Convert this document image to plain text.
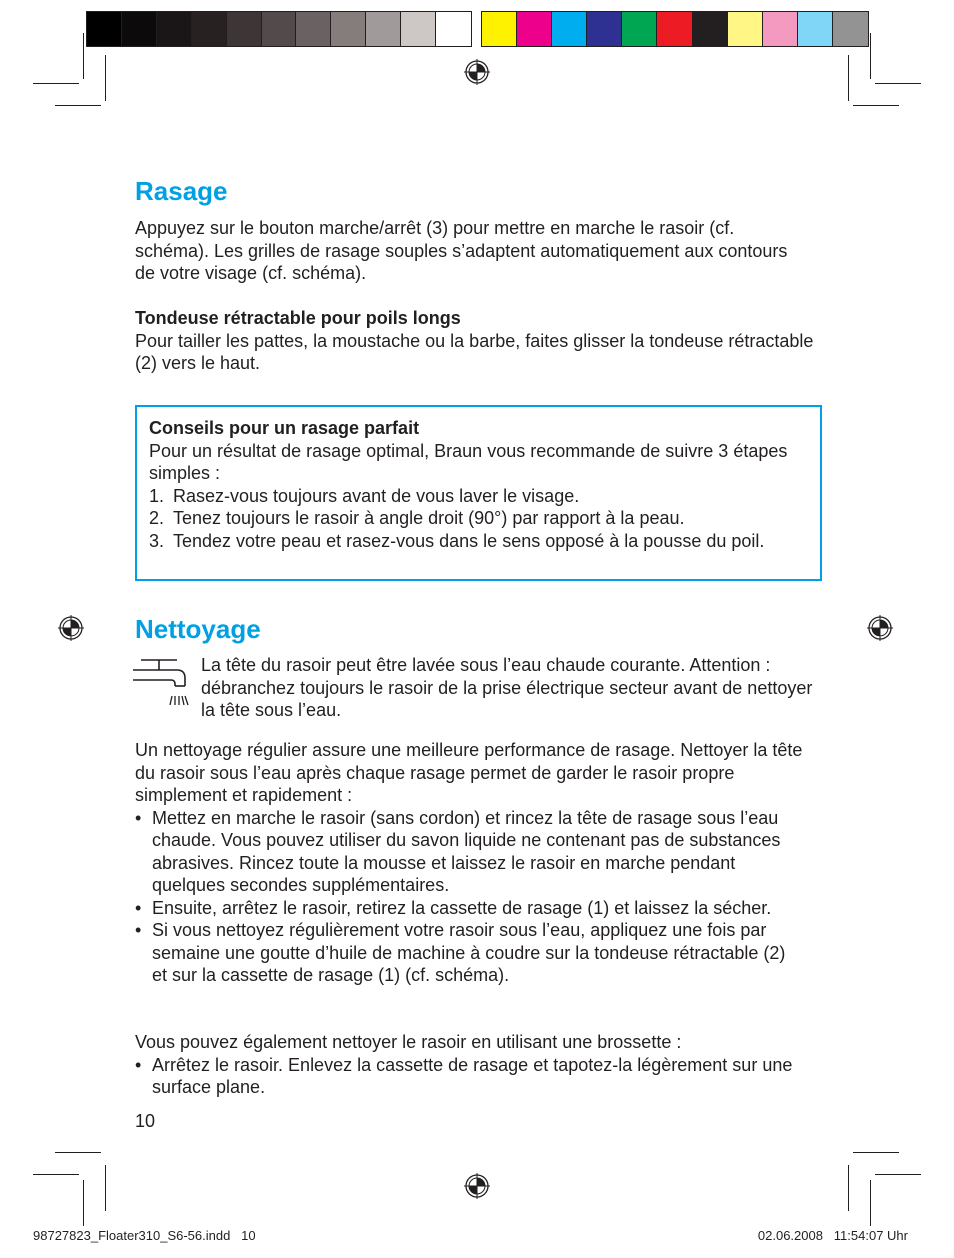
Rasage

Appuyez sur le bouton marche/arrêt (3) pour mettre en marche le rasoir (cf. schéma). Les grilles de rasage souples s’adaptent automatiquement aux contours de votre visage (cf. schéma).

Tondeuse rétractable pour poils longs
Pour tailler les pattes, la moustache ou la barbe, faites glisser la tondeuse rétractable (2) vers le haut.

Conseils pour un rasage parfait

Pour un résultat de rasage optimal, Braun vous recommande de suivre 3 étapes simples :

1. Rasez-vous toujours avant de vous laver le visage.
2. Tenez toujours le rasoir à angle droit (90°) par rapport à la peau.
3. Tendez votre peau et rasez-vous dans le sens opposé à la pousse du poil.
Nettoyage

La tête du rasoir peut être lavée sous l’eau chaude courante. Attention : débranchez toujours le rasoir de la prise électrique secteur avant de nettoyer la tête sous l’eau.

Un nettoyage régulier assure une meilleure performance de rasage. Nettoyer la tête du rasoir sous l’eau après chaque rasage permet de garder le rasoir propre simplement et rapidement :
• Mettez en marche le rasoir (sans cordon) et rincez la tête de rasage sous l’eau chaude. Vous pouvez utiliser du savon liquide ne contenant pas de substances abrasives. Rincez toute la mousse et laissez le rasoir en marche pendant quelques secondes supplémentaires.
• Ensuite, arrêtez le rasoir, retirez la cassette de rasage (1) et laissez la sécher.
• Si vous nettoyez régulièrement votre rasoir sous l’eau, appliquez une fois par semaine une goutte d’huile de machine à coudre sur la tondeuse rétractable (2) et sur la cassette de rasage (1) (cf. schéma).
Vous pouvez également nettoyer le rasoir en utilisant une brossette :
• Arrêtez le rasoir. Enlevez la cassette de rasage et tapotez-la légèrement sur une surface plane.
10
98727823_Floater310_S6-56.indd   10	02.06.2008   11:54:07 Uhr
